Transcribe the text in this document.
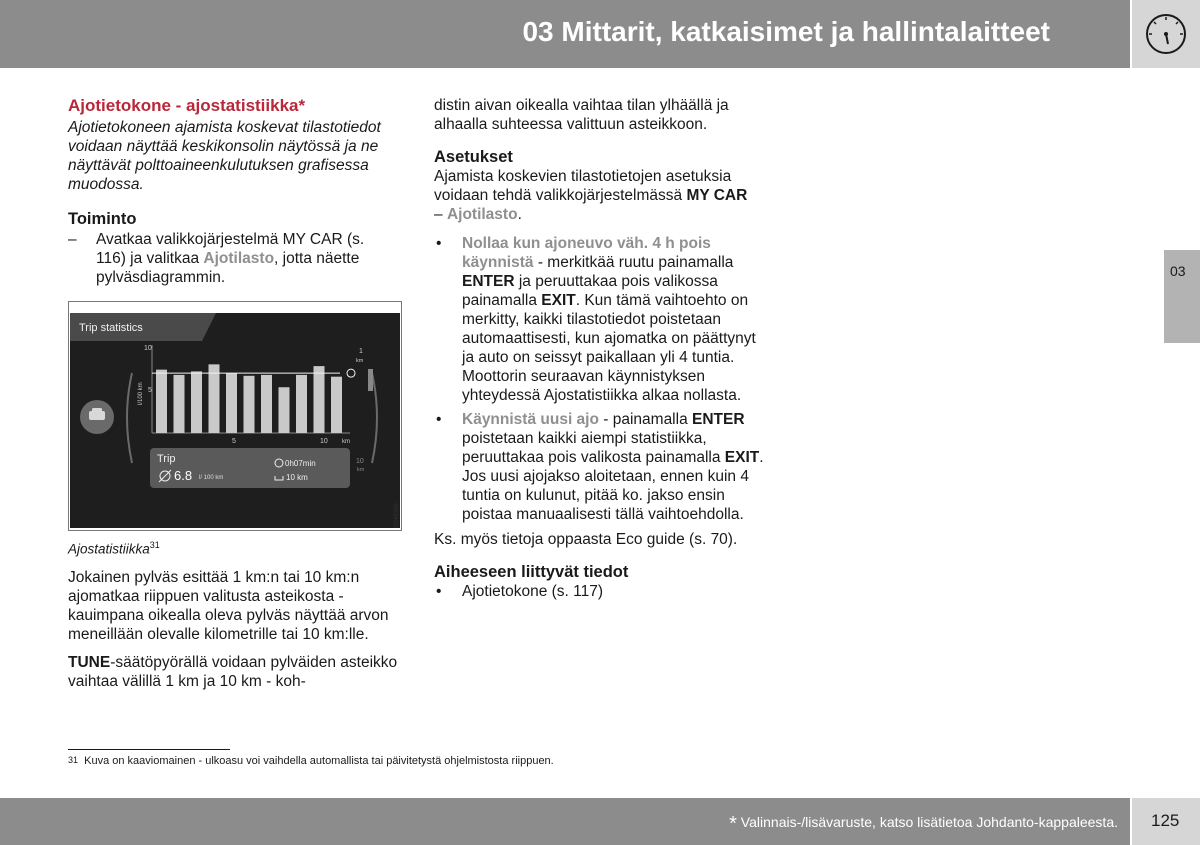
03 Mittarit, katkaisimet ja hallintalaitteet
03

Ajotietokone - ajostatistiikka*

Ajotietokoneen ajamista koskevat tilastotiedot voidaan näyttää keskikonsolin näytössä ja ne näyttävät polttoaineenkulutuksen grafisessa muodossa.

Toiminto

– Avatkaa valikkojärjestelmä MY CAR (s. 116) ja valitkaa Ajotilasto, jotta näette pylväsdiagrammin.

Trip statistics
l/100 km
10
5
5	10 km
1
km
10
km
Trip
6.8 l/ 100 km
0h07min
10 km
G049386

Ajostatistiikka$^{31}$

Jokainen pylväs esittää 1 km:n tai 10 km:n ajomatkaa riippuen valitusta asteikosta - kauimpana oikealla oleva pylväs näyttää arvon meneillään olevalle kilometrille tai 10 km:lle.

TUNE-säätöpyörällä voidaan pylväiden asteikko vaihtaa välillä 1 km ja 10 km - koh-

distin aivan oikealla vaihtaa tilan ylhäällä ja alhaalla suhteessa valittuun asteikkoon.

Asetukset

Ajamista koskevien tilastotietojen asetuksia voidaan tehdä valikkojärjestelmässä MY CAR
– Ajotilasto.

• Nollaa kun ajoneuvo väh. 4 h pois käynnistä - merkitkää ruutu painamalla ENTER ja peruuttakaa pois valikossa painamalla EXIT. Kun tämä vaihtoehto on merkitty, kaikki tilastotiedot poistetaan automaattisesti, kun ajomatka on päättynyt ja auto on seissyt paikallaan yli 4 tuntia. Moottorin seuraavan käynnistyksen yhteydessä Ajostatistiikka alkaa nollasta.

• Käynnistä uusi ajo - painamalla ENTER poistetaan kaikki aiempi statistiikka, peruuttakaa pois valikosta painamalla EXIT. Jos uusi ajojakso aloitetaan, ennen kuin 4 tuntia on kulunut, pitää ko. jakso ensin poistaa manuaalisesti tällä vaihtoehdolla.

Ks. myös tietoja oppaasta Eco guide (s. 70).

Aiheeseen liittyvät tiedot

• Ajotietokone (s. 117)

$^{31}$ Kuva on kaaviomainen - ulkoasu voi vaihdella automallista tai päivitetystä ohjelmistosta riippuen.
* Valinnais-/lisävaruste, katso lisätietoa Johdanto-kappaleesta. 125
